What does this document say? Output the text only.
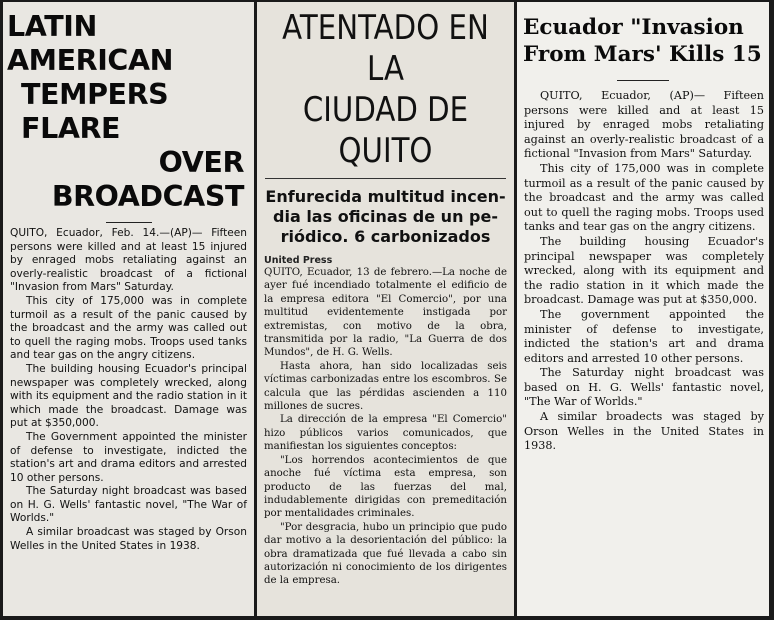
LATIN AMERICAN
TEMPERS FLARE
OVER BROADCAST

QUITO, Ecuador, Feb. 14.—(AP)— Fifteen persons were killed and at least 15 injured by enraged mobs retaliating against an overly-realistic broadcast of a fictional "Invasion from Mars" Saturday.

This city of 175,000 was in complete turmoil as a result of the panic caused by the broadcast and the army was called out to quell the raging mobs. Troops used tanks and tear gas on the angry citizens.

The building housing Ecuador's principal newspaper was completely wrecked, along with its equipment and the radio station in it which made the broadcast. Damage was put at $350,000.

The Government appointed the minister of defense to investigate, indicted the station's art and drama editors and arrested 10 other persons.

The Saturday night broadcast was based on H. G. Wells' fantastic novel, "The War of Worlds."

A similar broadcast was staged by Orson Welles in the United States in 1938.

ATENTADO EN LA
CIUDAD DE QUITO
Enfurecida multitud incen-
dia las oficinas de un pe-
riódico. 6 carbonizados
United Press

QUITO, Ecuador, 13 de febrero.—La noche de ayer fué incendiado totalmente el edificio de la empresa editora "El Comercio", por una multitud evidentemente instigada por extremistas, con motivo de la obra, transmitida por la radio, "La Guerra de dos Mundos", de H. G. Wells.

Hasta ahora, han sido localizadas seis víctimas carbonizadas entre los escombros. Se calcula que las pérdidas ascienden a 110 millones de sucres.

La dirección de la empresa "El Comercio" hizo públicos varios comunicados, que manifiestan los siguientes conceptos:

"Los horrendos acontecimientos de que anoche fué víctima esta empresa, son producto de las fuerzas del mal, indudablemente dirigidas con premeditación por mentalidades criminales.

"Por desgracia, hubo un principio que pudo dar motivo a la desorientación del público: la obra dramatizada que fué llevada a cabo sin autorización ni conocimiento de los dirigentes de la empresa.

Ecuador "Invasion
From Mars' Kills 15

QUITO, Ecuador, (AP)— Fifteen persons were killed and at least 15 injured by enraged mobs retaliating against an overly-realistic broadcast of a fictional "Invasion from Mars" Saturday.

This city of 175,000 was in complete turmoil as a result of the panic caused by the broadcast and the army was called out to quell the raging mobs. Troops used tanks and tear gas on the angry citizens.

The building housing Ecuador's principal newspaper was completely wrecked, along with its equipment and the radio station in it which made the broadcast. Damage was put at $350,000.

The government appointed the minister of defense to investigate, indicted the station's art and drama editors and arrested 10 other persons.

The Saturday night broadcast was based on H. G. Wells' fantastic novel, "The War of Worlds."

A similar broadects was staged by Orson Welles in the United States in 1938.
